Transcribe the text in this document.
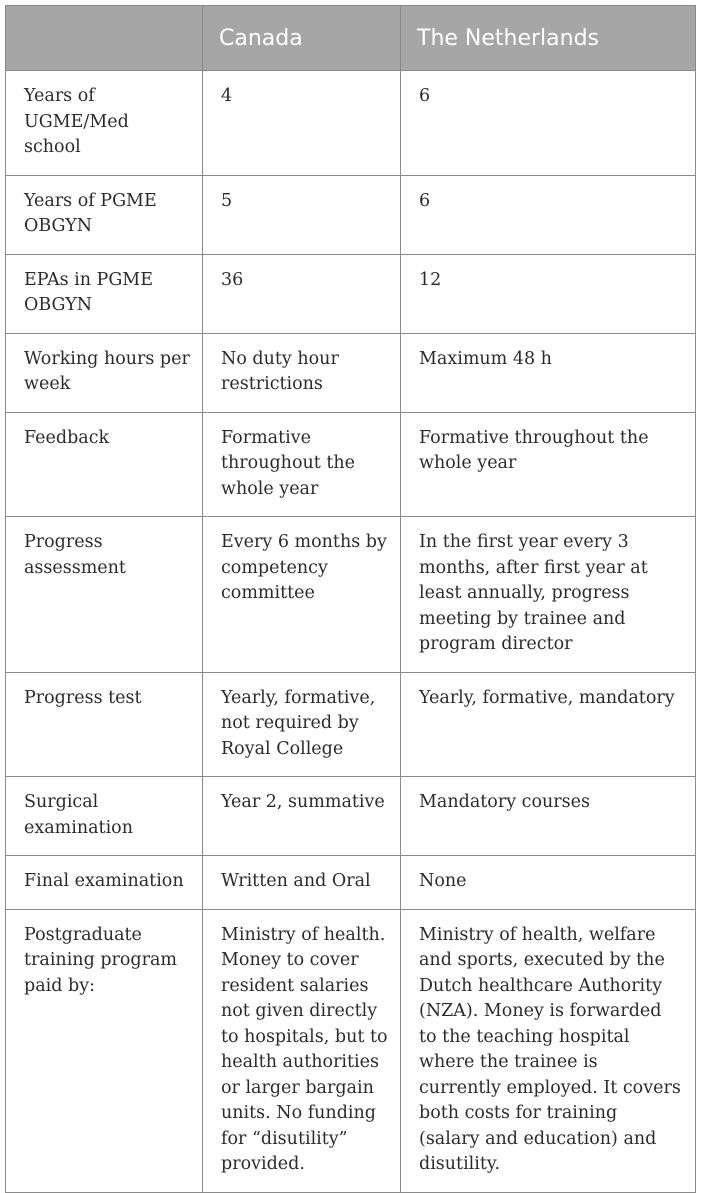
	Canada	The Netherlands
Years of UGME/Med school	4	6
Years of PGME OBGYN	5	6
EPAs in PGME OBGYN	36	12
Working hours per week	No duty hour restrictions	Maximum 48 h
Feedback	Formative throughout the whole year	Formative throughout the whole year
Progress assessment	Every 6 months by competency committee	In the first year every 3 months, after first year at least annually, progress meeting by trainee and program director
Progress test	Yearly, formative, not required by Royal College	Yearly, formative, mandatory
Surgical examination	Year 2, summative	Mandatory courses
Final examination	Written and Oral	None
Postgraduate training program paid by:	Ministry of health. Money to cover resident salaries not given directly to hospitals, but to health authorities or larger bargain units. No funding for “disutility” provided.	Ministry of health, welfare and sports, executed by the Dutch healthcare Authority (NZA). Money is forwarded to the teaching hospital where the trainee is currently employed. It covers both costs for training (salary and education) and disutility.
